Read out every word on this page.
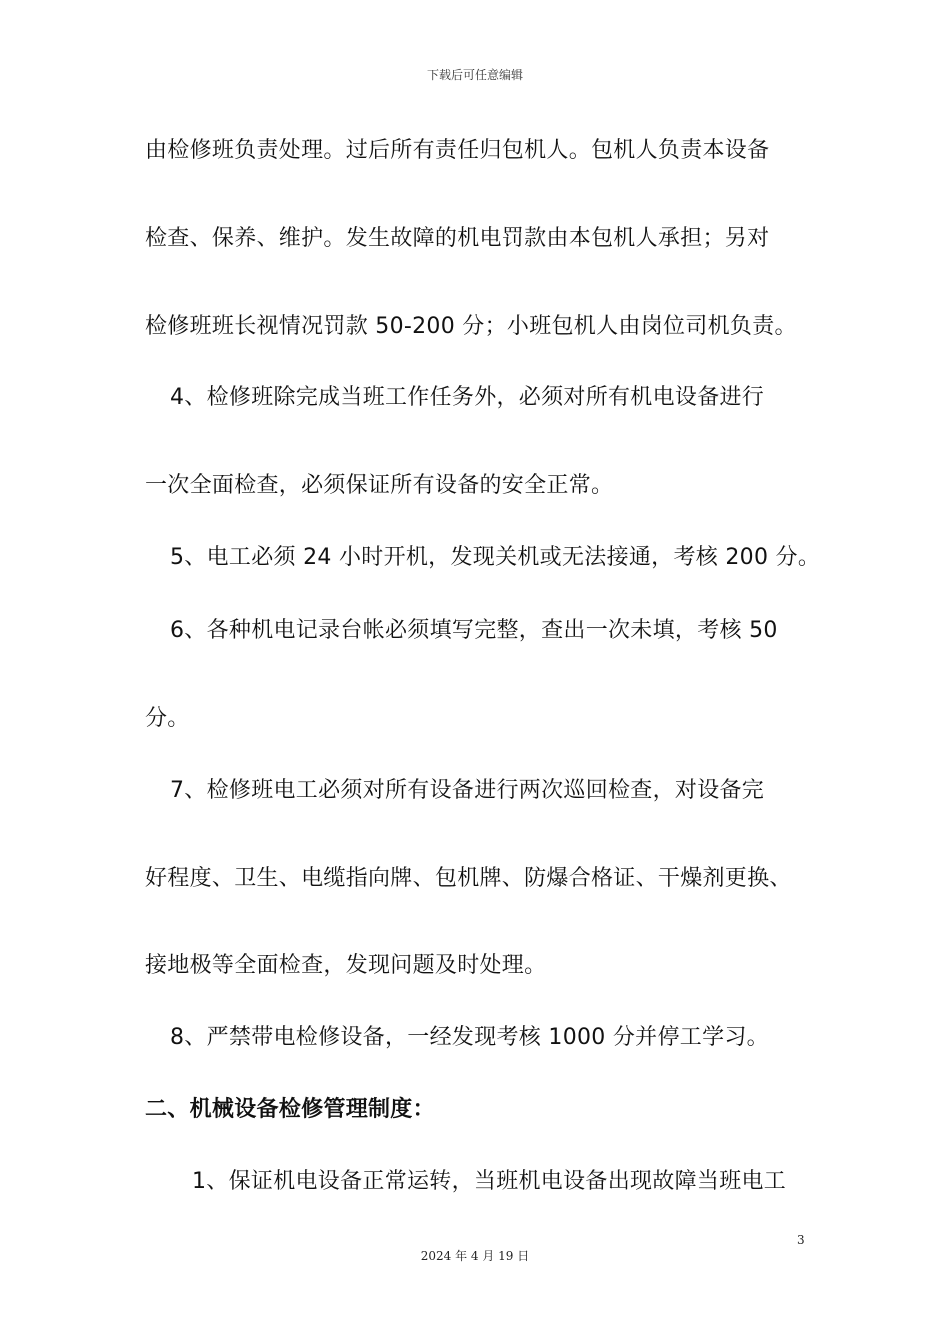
下载后可任意编辑
由检修班负责处理。过后所有责任归包机人。包机人负责本设备
检查、保养、维护。发生故障的机电罚款由本包机人承担；另对
检修班班长视情况罚款 50-200 分；小班包机人由岗位司机负责。
4、检修班除完成当班工作任务外，必须对所有机电设备进行
一次全面检查，必须保证所有设备的安全正常。
5、电工必须 24 小时开机，发现关机或无法接通，考核 200 分。
6、各种机电记录台帐必须填写完整，查出一次未填，考核 50
分。
7、检修班电工必须对所有设备进行两次巡回检查，对设备完
好程度、卫生、电缆指向牌、包机牌、防爆合格证、干燥剂更换、
接地极等全面检查，发现问题及时处理。
8、严禁带电检修设备，一经发现考核 1000 分并停工学习。
二、机械设备检修管理制度：
1、保证机电设备正常运转，当班机电设备出现故障当班电工
3
2024 年 4 月 19 日
